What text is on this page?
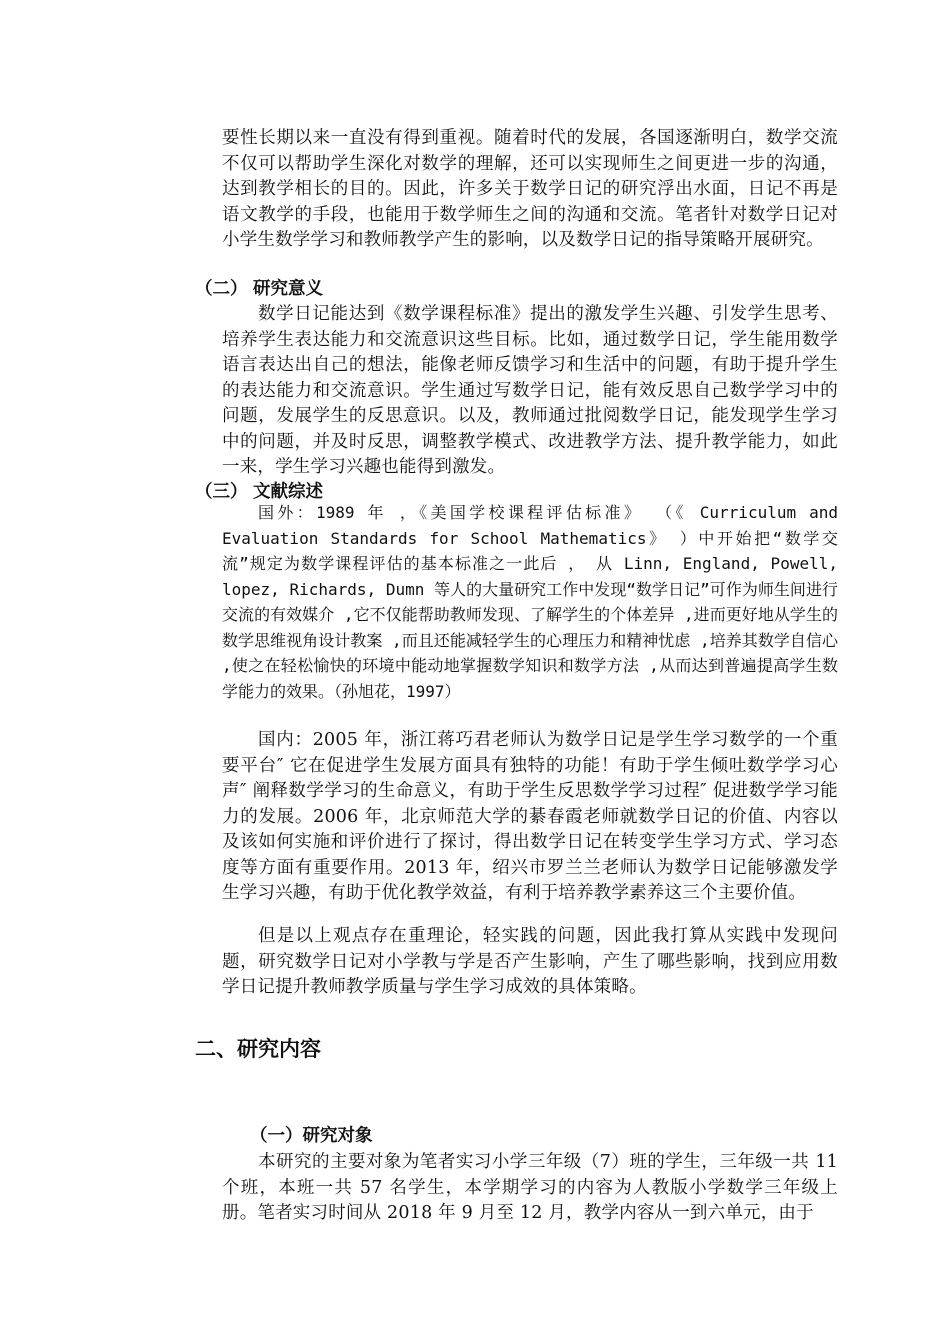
要性长期以来一直没有得到重视。随着时代的发展，各国逐渐明白，数学交流不仅可以帮助学生深化对数学的理解，还可以实现师生之间更进一步的沟通，达到教学相长的目的。因此，许多关于数学日记的研究浮出水面，日记不再是语文教学的手段，也能用于数学师生之间的沟通和交流。笔者针对数学日记对小学生数学学习和教师教学产生的影响，以及数学日记的指导策略开展研究。

（二） 研究意义

数学日记能达到《数学课程标准》提出的激发学生兴趣、引发学生思考、培养学生表达能力和交流意识这些目标。比如，通过数学日记，学生能用数学语言表达出自己的想法，能像老师反馈学习和生活中的问题，有助于提升学生的表达能力和交流意识。学生通过写数学日记，能有效反思自己数学学习中的问题，发展学生的反思意识。以及，教师通过批阅数学日记，能发现学生学习中的问题，并及时反思，调整教学模式、改进教学方法、提升教学能力，如此一来，学生学习兴趣也能得到激发。

（三） 文献综述

国外：1989 年 ，《美国学校课程评估标准》 （《 Curriculum and Evaluation Standards for School Mathematics》 ）中开始把“数学交流”规定为数学课程评估的基本标准之一此后 ， 从 Linn, England, Powell, lopez, Richards, Dumn 等人的大量研究工作中发现“数学日记”可作为师生间进行交流的有效媒介 ,它不仅能帮助教师发现、了解学生的个体差异 ,进而更好地从学生的数学思维视角设计教案 ,而且还能减轻学生的心理压力和精神忧虑 ,培养其数学自信心 ,使之在轻松愉快的环境中能动地掌握数学知识和数学方法 ,从而达到普遍提高学生数学能力的效果。（孙旭花，1997）

国内：2005 年，浙江蒋巧君老师认为数学日记是学生学习数学的一个重要平台″ 它在促进学生发展方面具有独特的功能！有助于学生倾吐数学学习心声″ 阐释数学学习的生命意义，有助于学生反思数学学习过程″ 促进数学学习能力的发展。2006 年，北京师范大学的綦春霞老师就数学日记的价值、内容以及该如何实施和评价进行了探讨，得出数学日记在转变学生学习方式、学习态度等方面有重要作用。2013 年，绍兴市罗兰兰老师认为数学日记能够激发学生学习兴趣，有助于优化教学效益，有利于培养教学素养这三个主要价值。

但是以上观点存在重理论，轻实践的问题，因此我打算从实践中发现问题，研究数学日记对小学教与学是否产生影响，产生了哪些影响，找到应用数学日记提升教师教学质量与学生学习成效的具体策略。

二、研究内容
（一）研究对象

本研究的主要对象为笔者实习小学三年级（7）班的学生，三年级一共 11 个班，本班一共 57 名学生，本学期学习的内容为人教版小学数学三年级上册。笔者实习时间从 2018 年 9 月至 12 月，教学内容从一到六单元，由于
